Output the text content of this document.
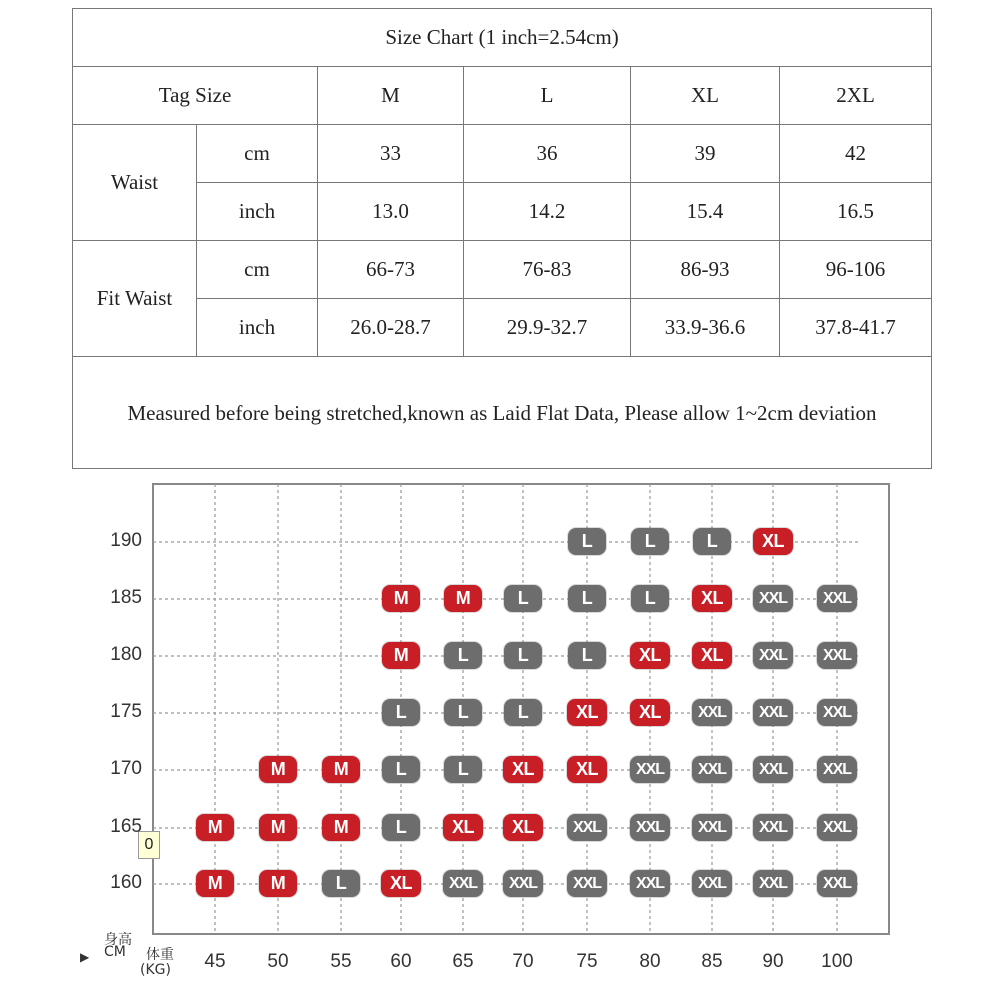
Size Chart (1 inch=2.54cm)					
Tag Size		M	L	XL	2XL
Waist	cm	33	36	39	42
	inch	13.0	14.2	15.4	16.5
Fit Waist	cm	66-73	76-83	86-93	96-106
	inch	26.0-28.7	29.9-32.7	33.9-36.6	37.8-41.7
Measured before being stretched,known as Laid Flat Data, Please allow 1~2cm deviation					
L	L	L	XL
M	M	L	L	L	XL	XXL	XXL
M	L	L	L	XL	XL	XXL	XXL
L	L	L	XL	XL	XXL	XXL	XXL
M	M	L	L	XL	XL	XXL	XXL	XXL	XXL
M	M	M	L	XL	XL	XXL	XXL	XXL	XXL	XXL
M	M	L	XL	XXL	XXL	XXL	XXL	XXL	XXL	XXL
0
身高
CM 体重
(KG)
▶
190
185
180
175
170
165
160
45	50	55	60	65	70	75	80	85	90	100
